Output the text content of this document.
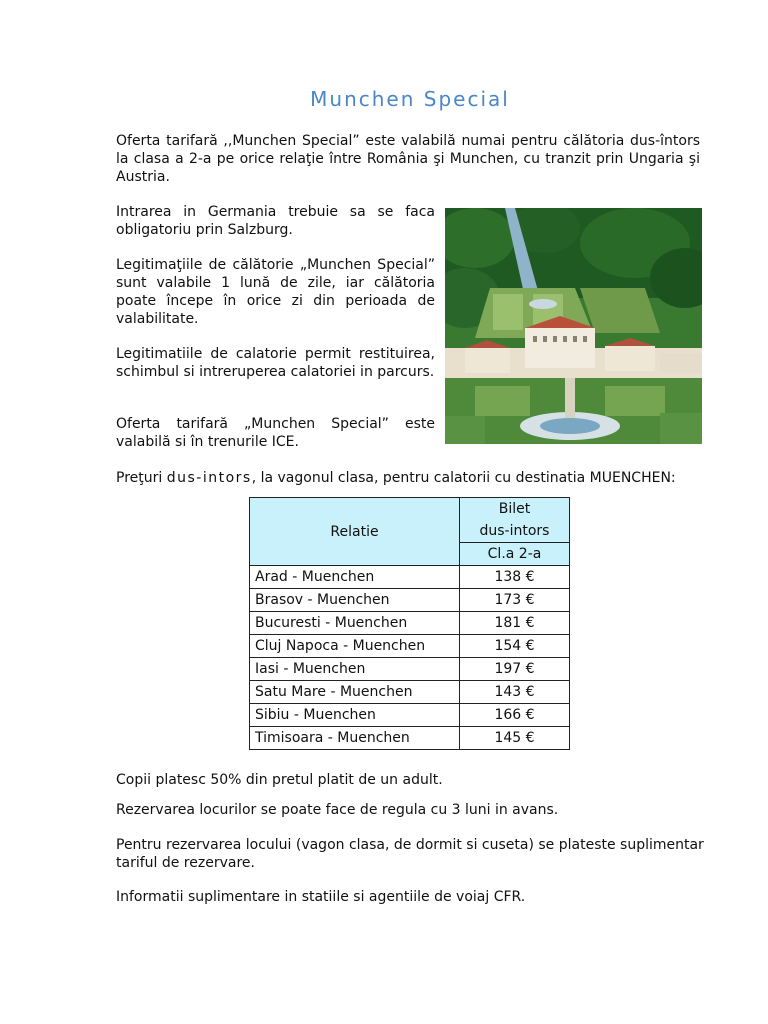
Munchen Special

Oferta tarifară ,,Munchen Special” este valabilă numai pentru călătoria dus-întors la clasa a 2-a pe orice relaţie între România şi Munchen, cu tranzit prin Ungaria şi Austria.

Intrarea in Germania trebuie sa se faca obligatoriu prin Salzburg.

Legitimaţiile de călătorie „Munchen Special” sunt valabile 1 lună de zile, iar călătoria poate începe în orice zi din perioada de valabilitate.

Legitimatiile de calatorie permit restituirea, schimbul si intreruperea calatoriei in parcurs.

Oferta tarifară „Munchen Special” este valabilă si în trenurile ICE.

Preţuri dus-intors, la vagonul clasa, pentru calatorii cu destinatia MUENCHEN:

Relatie	Bilet
dus-intors
	Cl.a 2-a
Arad - Muenchen	138 €
Brasov - Muenchen	173 €
Bucuresti - Muenchen	181 €
Cluj Napoca - Muenchen	154 €
Iasi - Muenchen	197 €
Satu Mare - Muenchen	143 €
Sibiu - Muenchen	166 €
Timisoara - Muenchen	145 €

Copii platesc 50% din pretul platit de un adult.

Rezervarea locurilor se poate face de regula cu 3 luni in avans.

Pentru rezervarea locului (vagon clasa, de dormit si cuseta) se plateste suplimentar tariful de rezervare.

Informatii suplimentare in statiile si agentiile de voiaj CFR.
